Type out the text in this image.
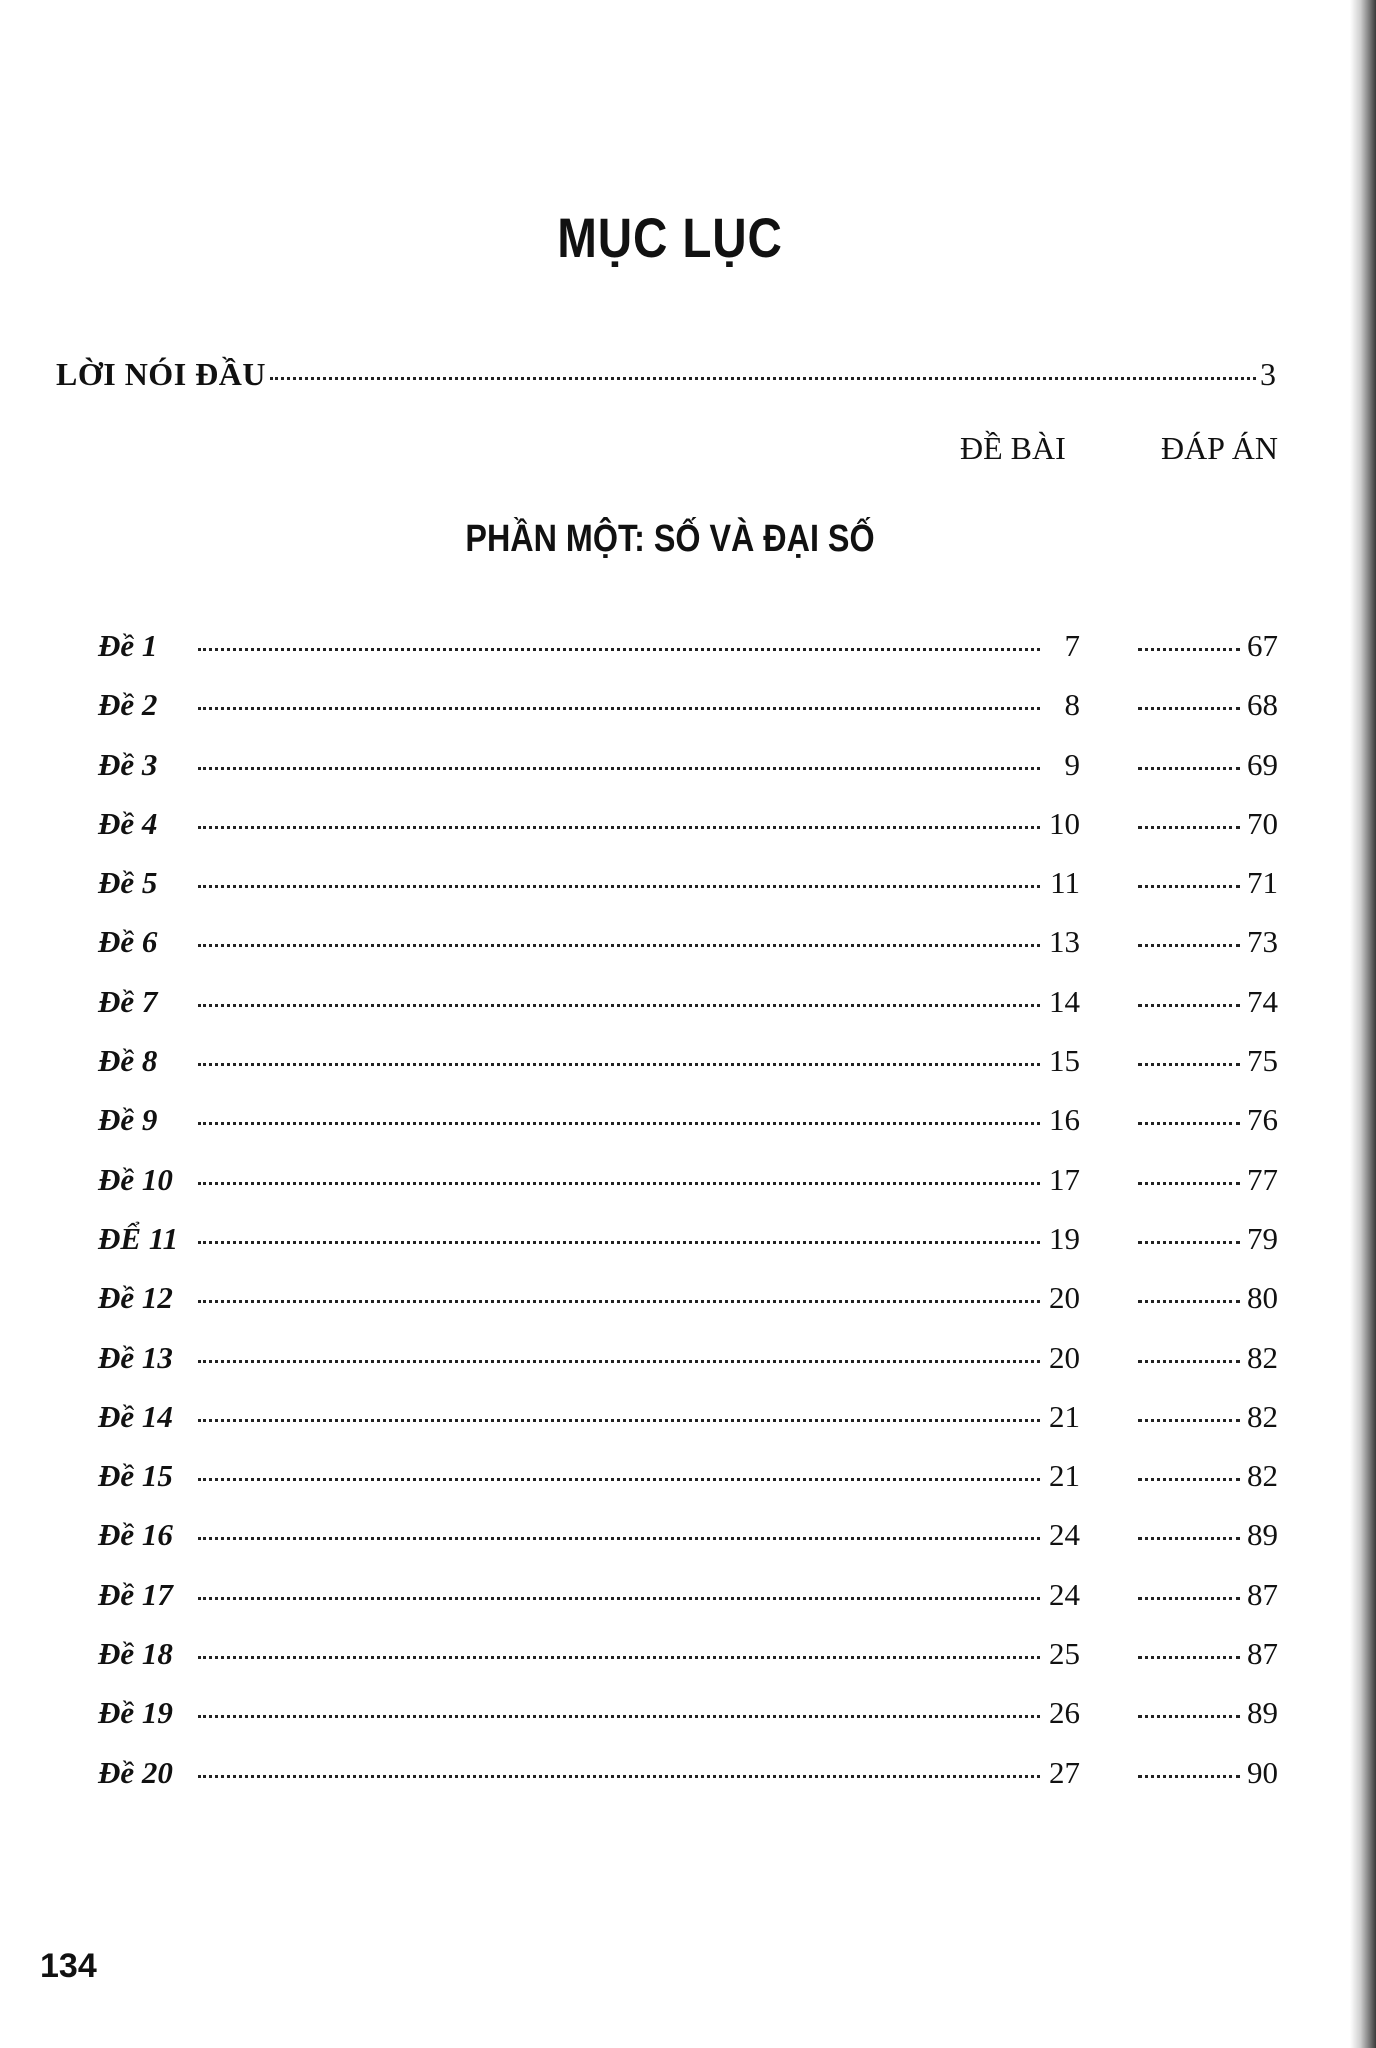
MỤC LỤC
LỜI NÓI ĐẦU	3
ĐỀ BÀI	ĐÁP ÁN
PHẦN MỘT: SỐ VÀ ĐẠI SỐ
Đề 1	7	67
Đề 2	8	68
Đề 3	9	69
Đề 4	10	70
Đề 5	11	71
Đề 6	13	73
Đề 7	14	74
Đề 8	15	75
Đề 9	16	76
Đề 10	17	77
ĐỂ 11	19	79
Đề 12	20	80
Đề 13	20	82
Đề 14	21	82
Đề 15	21	82
Đề 16	24	89
Đề 17	24	87
Đề 18	25	87
Đề 19	26	89
Đề 20	27	90
134
